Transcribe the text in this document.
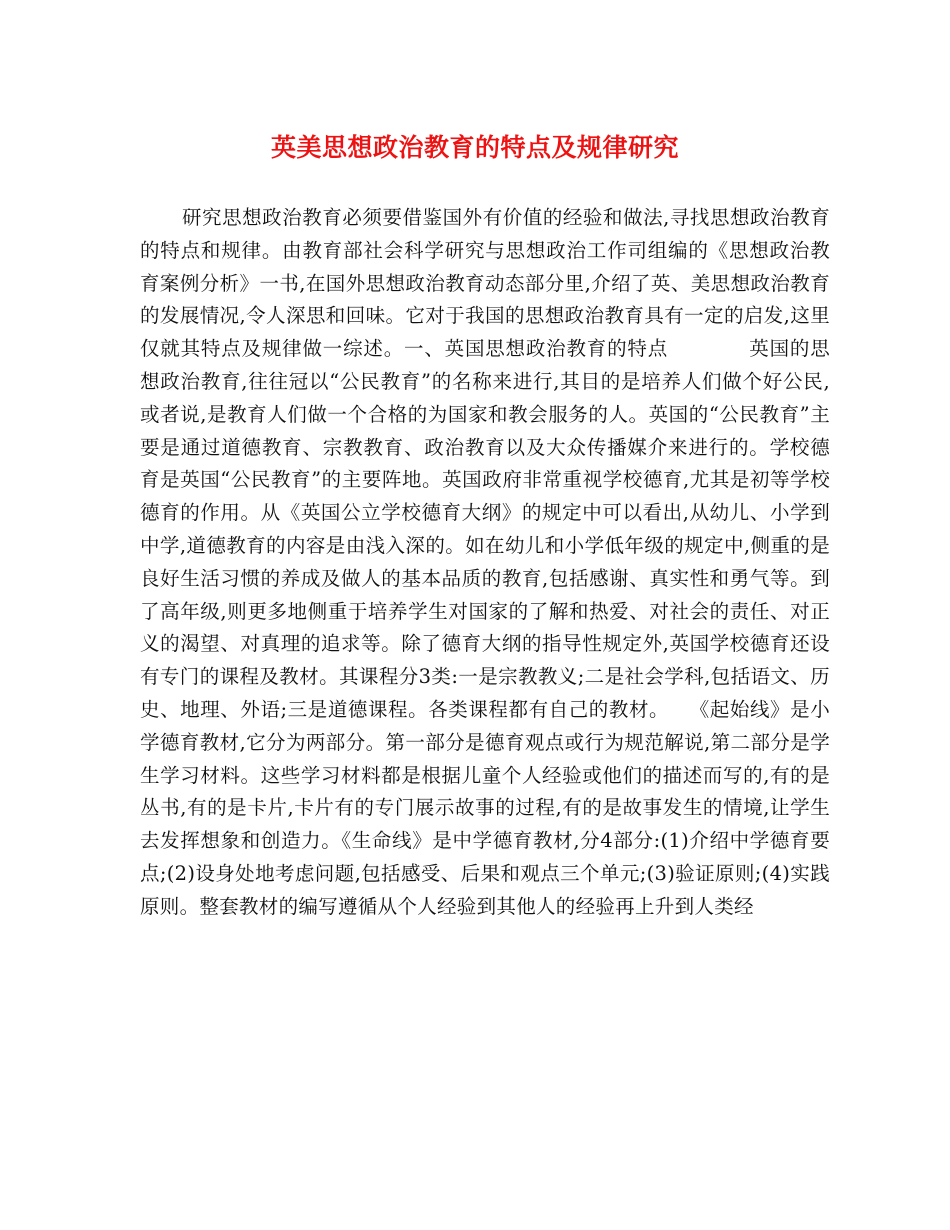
英美思想政治教育的特点及规律研究

研究思想政治教育必须要借鉴国外有价值的经验和做法,寻找思想政治教育的特点和规律。由教育部社会科学研究与思想政治工作司组编的《思想政治教育案例分析》一书,在国外思想政治教育动态部分里,介绍了英、美思想政治教育的发展情况,令人深思和回味。它对于我国的思想政治教育具有一定的启发,这里仅就其特点及规律做一综述。一、英国思想政治教育的特点　　　　英国的思想政治教育,往往冠以“公民教育”的名称来进行,其目的是培养人们做个好公民,或者说,是教育人们做一个合格的为国家和教会服务的人。英国的“公民教育”主要是通过道德教育、宗教教育、政治教育以及大众传播媒介来进行的。学校德育是英国“公民教育”的主要阵地。英国政府非常重视学校德育,尤其是初等学校德育的作用。从《英国公立学校德育大纲》的规定中可以看出,从幼儿、小学到中学,道德教育的内容是由浅入深的。如在幼儿和小学低年级的规定中,侧重的是良好生活习惯的养成及做人的基本品质的教育,包括感谢、真实性和勇气等。到了高年级,则更多地侧重于培养学生对国家的了解和热爱、对社会的责任、对正义的渴望、对真理的追求等。除了德育大纲的指导性规定外,英国学校德育还设有专门的课程及教材。其课程分3类:一是宗教教义;二是社会学科,包括语文、历史、地理、外语;三是道德课程。各类课程都有自己的教材。　　《起始线》是小学德育教材,它分为两部分。第一部分是德育观点或行为规范解说,第二部分是学生学习材料。这些学习材料都是根据儿童个人经验或他们的描述而写的,有的是丛书,有的是卡片,卡片有的专门展示故事的过程,有的是故事发生的情境,让学生去发挥想象和创造力。《生命线》是中学德育教材,分4部分:(1)介绍中学德育要点;(2)设身处地考虑问题,包括感受、后果和观点三个单元;(3)验证原则;(4)实践原则。整套教材的编写遵循从个人经验到其他人的经验再上升到人类经
